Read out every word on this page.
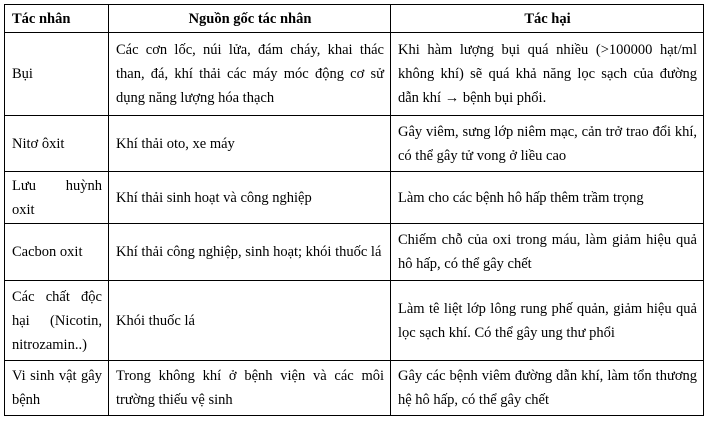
Tác nhân	Nguồn gốc tác nhân	Tác hại
Bụi	Các cơn lốc, núi lửa, đám cháy, khai thác than, đá, khí thải các máy móc động cơ sử dụng năng lượng hóa thạch	Khi hàm lượng bụi quá nhiều (>100000 hạt/ml không khí) sẽ quá khả năng lọc sạch của đường dẫn khí → bệnh bụi phổi.
Nitơ ôxit	Khí thải oto, xe máy	Gây viêm, sưng lớp niêm mạc, cản trở trao đổi khí, có thể gây tử vong ở liều cao
Lưu huỳnh oxit	Khí thải sinh hoạt và công nghiệp	Làm cho các bệnh hô hấp thêm trầm trọng
Cacbon oxit	Khí thải công nghiệp, sinh hoạt; khói thuốc lá	Chiếm chỗ của oxi trong máu, làm giảm hiệu quả hô hấp, có thể gây chết
Các chất độc hại (Nicotin, nitrozamin..)	Khói thuốc lá	Làm tê liệt lớp lông rung phế quản, giảm hiệu quả lọc sạch khí. Có thể gây ung thư phổi
Vi sinh vật gây bệnh	Trong không khí ở bệnh viện và các môi trường thiếu vệ sinh	Gây các bệnh viêm đường dẫn khí, làm tổn thương hệ hô hấp, có thể gây chết
